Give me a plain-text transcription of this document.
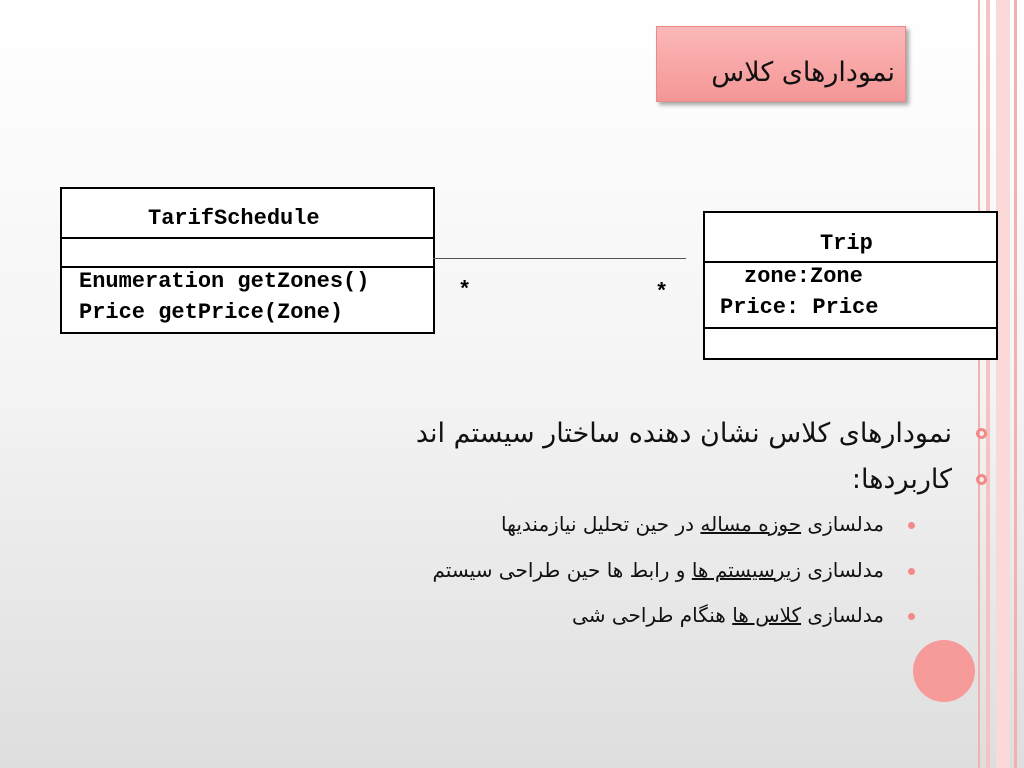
نمودارهای کلاس
TarifSchedule
Enumeration getZones()
Price getPrice(Zone)
*	*
Trip
zone:Zone
Price: Price
نمودارهای کلاس نشان دهنده ساختار سیستم اند
کاربردها:
مدلسازی حوزه مساله در حین تحلیل نیازمندیها
مدلسازی زیرسیستم ها و رابط ها حین طراحی سیستم
مدلسازی کلاس ها هنگام طراحی شی
